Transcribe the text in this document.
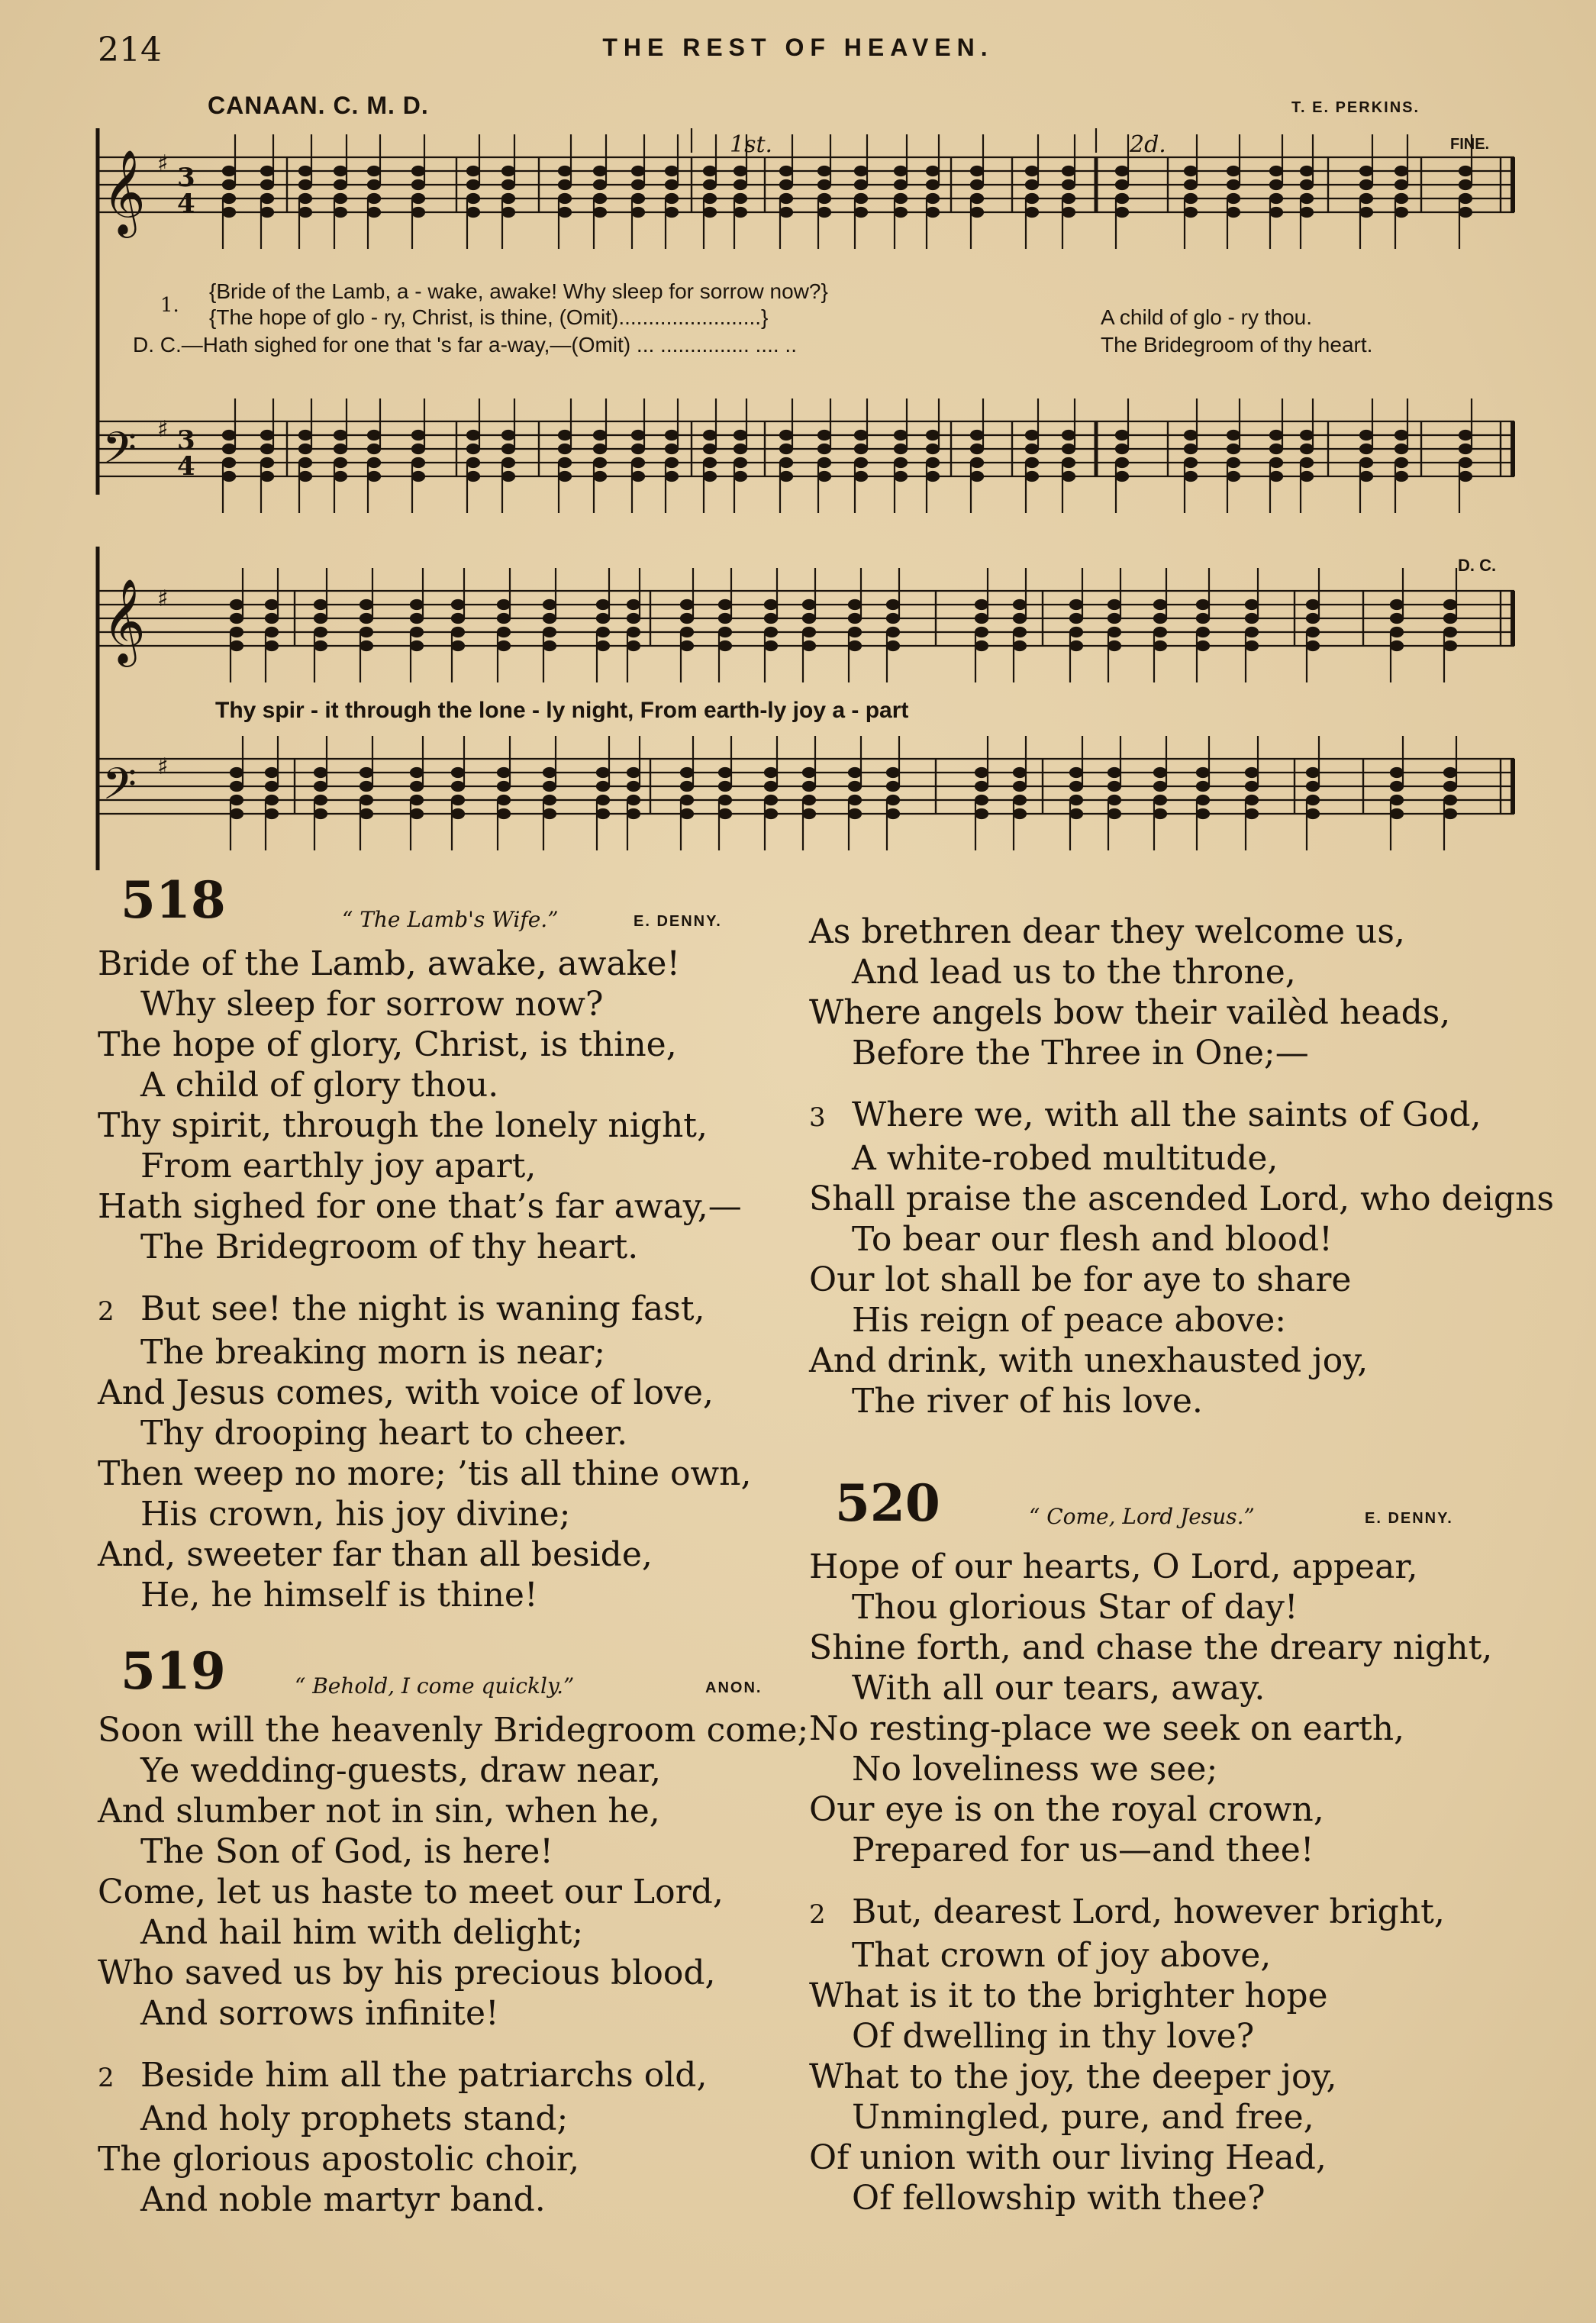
214	THE REST OF HEAVEN.
𝄞
𝄢
𝄞
𝄢
♯
♯
♯
♯
3
4
3
4
CANAAN. C. M. D.	T. E. PERKINS.
1st.	2d.	FINE.
D. C.
1.
{Bride of the Lamb, a - wake, awake! Why sleep for sorrow now?}
{The hope of glo - ry, Christ, is thine, (Omit)........................}	A child of glo - ry thou.
D. C.—Hath sighed for one that 's far a-way,—(Omit) ... ............... .... ..	The Bridegroom of thy heart.
Thy spir - it through the lone - ly night, From earth-ly joy a - part
518	“ The Lamb's Wife.”	E. DENNY.
Bride of the Lamb, awake, awake!
Why sleep for sorrow now?
The hope of glory, Christ, is thine,
A child of glory thou.
Thy spirit, through the lonely night,
From earthly joy apart,
Hath sighed for one that’s far away,—
The Bridegroom of thy heart.
2 But see! the night is waning fast,
The breaking morn is near;
And Jesus comes, with voice of love,
Thy drooping heart to cheer.
Then weep no more; ’tis all thine own,
His crown, his joy divine;
And, sweeter far than all beside,
He, he himself is thine!
519	“ Behold, I come quickly.”	ANON.
Soon will the heavenly Bridegroom come;
Ye wedding-guests, draw near,
And slumber not in sin, when he,
The Son of God, is here!
Come, let us haste to meet our Lord,
And hail him with delight;
Who saved us by his precious blood,
And sorrows infinite!
2 Beside him all the patriarchs old,
And holy prophets stand;
The glorious apostolic choir,
And noble martyr band.
520	“ Come, Lord Jesus.”	E. DENNY.
Hope of our hearts, O Lord, appear,
Thou glorious Star of day!
Shine forth, and chase the dreary night,
With all our tears, away.
No resting-place we seek on earth,
No loveliness we see;
Our eye is on the royal crown,
Prepared for us—and thee!
2 But, dearest Lord, however bright,
That crown of joy above,
What is it to the brighter hope
Of dwelling in thy love?
What to the joy, the deeper joy,
Unmingled, pure, and free,
Of union with our living Head,
Of fellowship with thee?
As brethren dear they welcome us,
And lead us to the throne,
Where angels bow their vailèd heads,
Before the Three in One;—
3 Where we, with all the saints of God,
A white-robed multitude,
Shall praise the ascended Lord, who deigns
To bear our flesh and blood!
Our lot shall be for aye to share
His reign of peace above:
And drink, with unexhausted joy,
The river of his love.
